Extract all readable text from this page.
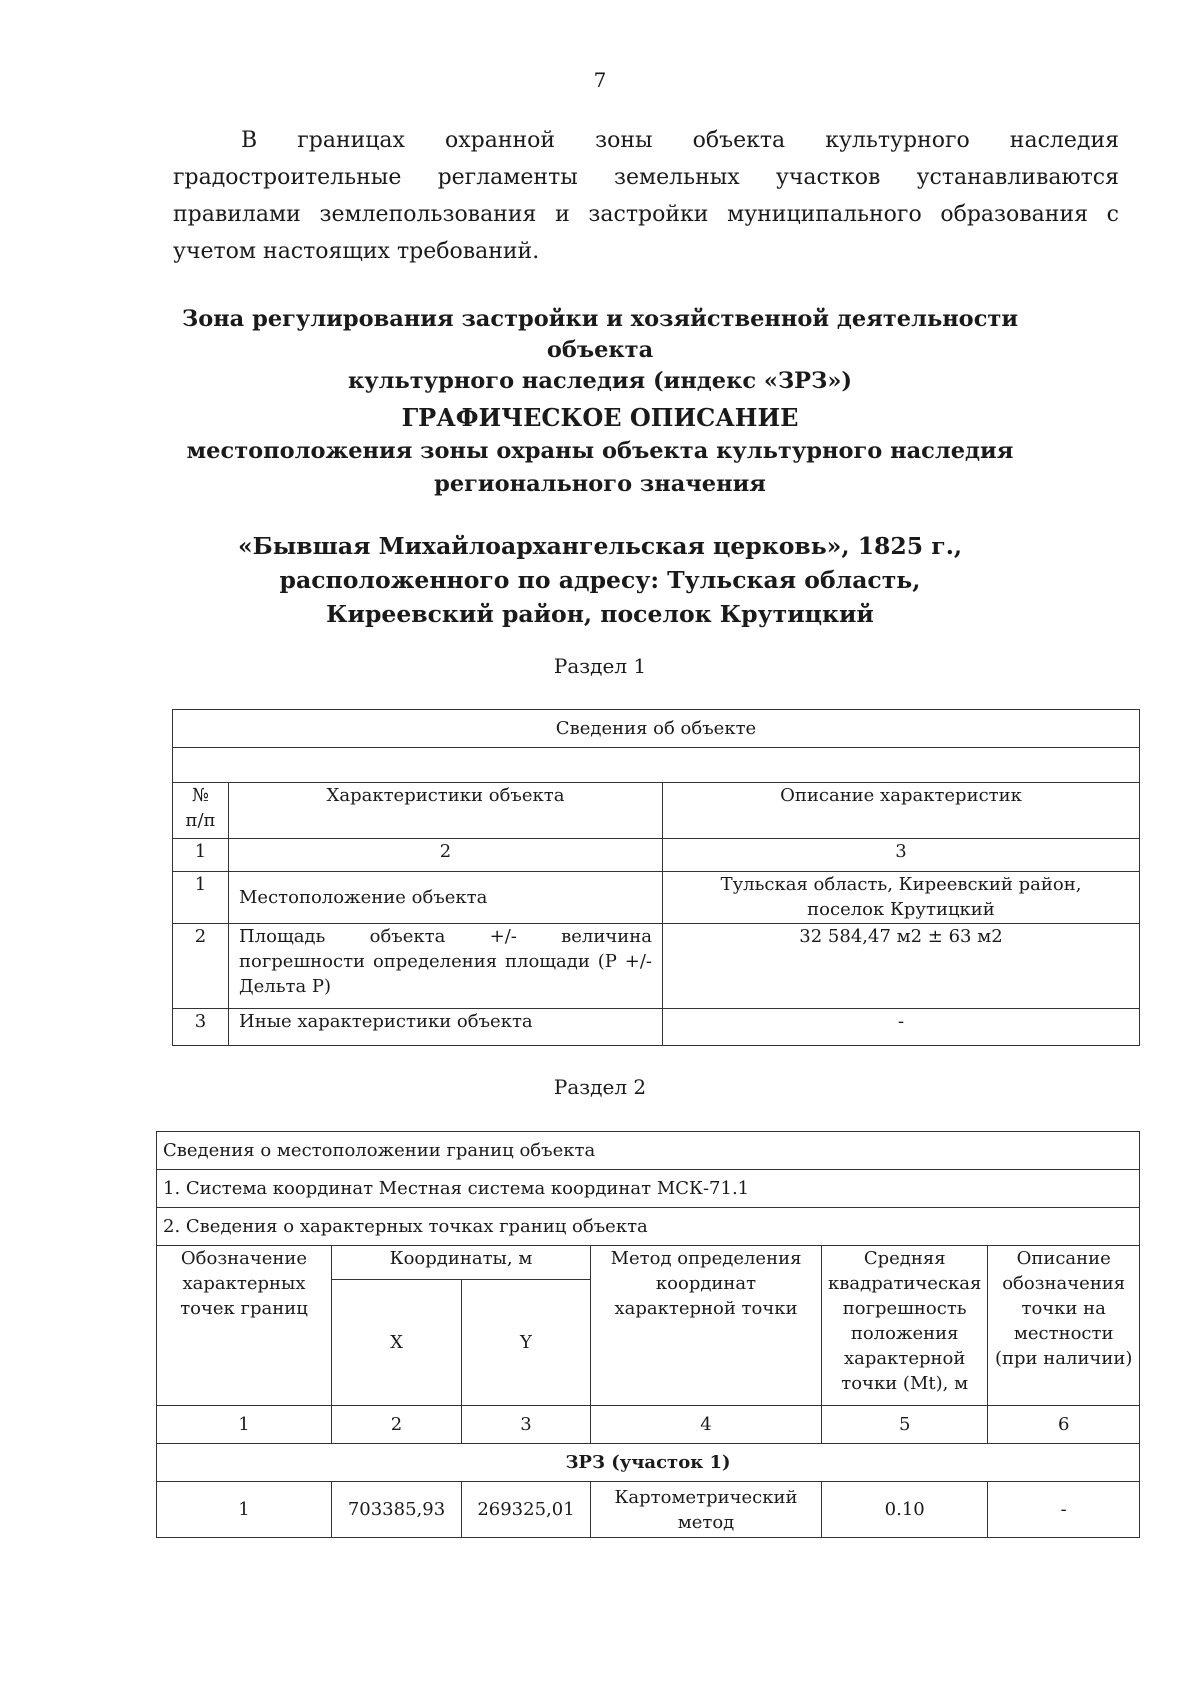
7

В границах охранной зоны объекта культурного наследия градостроительные регламенты земельных участков устанавливаются правилами землепользования и застройки муниципального образования с учетом настоящих требований.

Зона регулирования застройки и хозяйственной деятельности объекта
культурного наследия (индекс «ЗРЗ»)
ГРАФИЧЕСКОЕ ОПИСАНИЕ
местоположения зоны охраны объекта культурного наследия
регионального значения
«Бывшая Михайлоархангельская церковь», 1825 г.,
расположенного по адресу: Тульская область,
Киреевский район, поселок Крутицкий
Раздел 1
Сведения об объекте		

№
п/п	Характеристики объекта	Описание характеристик
1	2	3
1	Местоположение объекта	Тульская область, Киреевский район,
поселок Крутицкий

2	Площадь объекта +/- величина погрешности определения площади (P +/- Дельта P)	32 584,47 м2 ± 63 м2
3	Иные характеристики объекта	-
Раздел 2
Сведения о местоположении границ объекта					
1. Система координат Местная система координат МСК-71.1					
2. Сведения о характерных точках границ объекта					
Обозначение характерных точек границ	Координаты, м		Метод определения координат характерной точки	Средняя квадратическая погрешность положения характерной точки (Mt), м	Описание обозначения точки на местности (при наличии)
	X	Y			
1	2	3	4	5	6
ЗРЗ (участок 1)					
1	703385,93	269325,01	Картометрический метод	0.10	-
